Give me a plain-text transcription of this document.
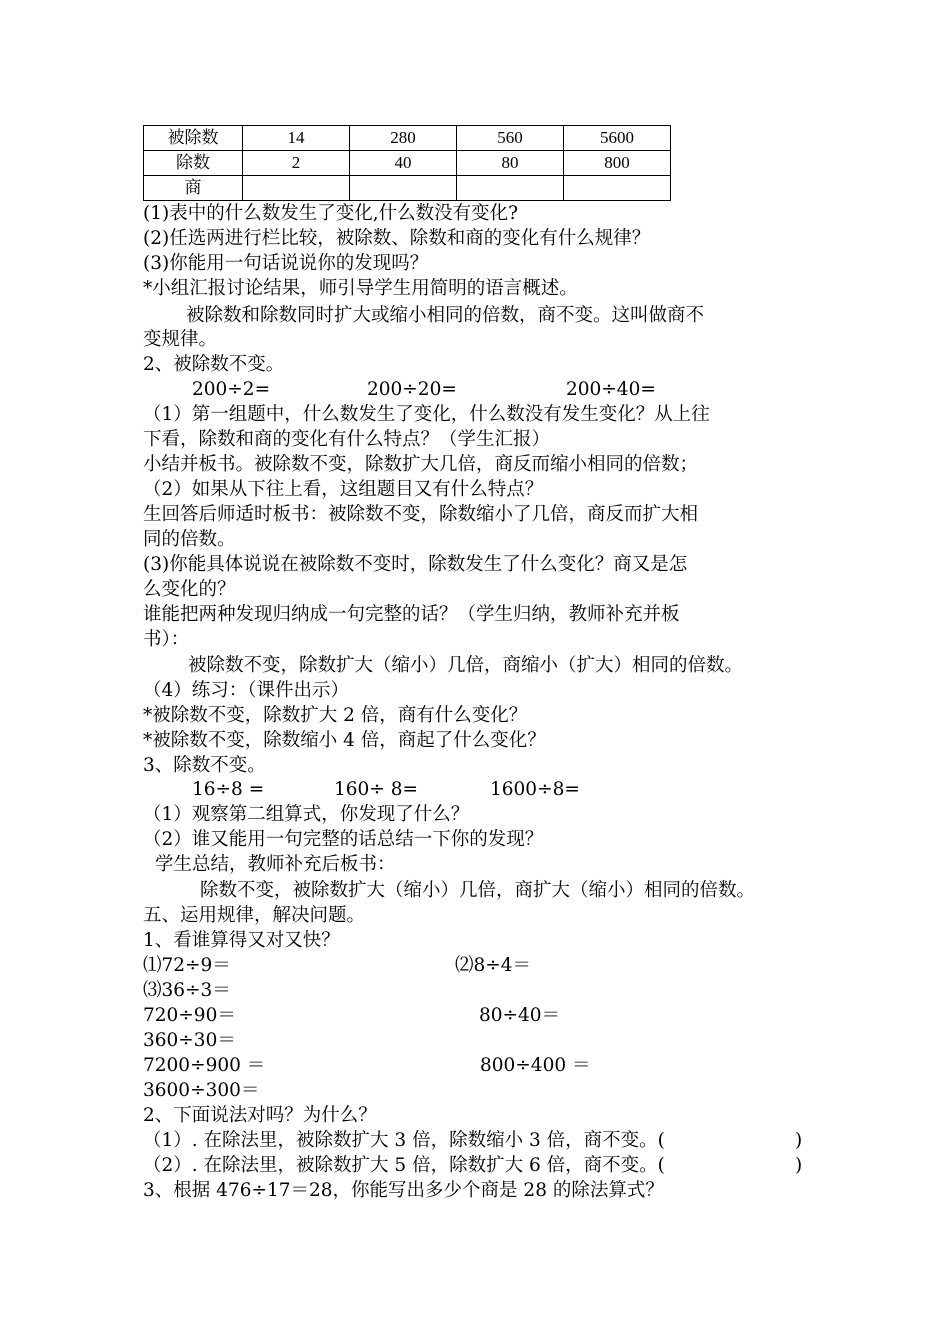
被除数	14	280	560	5600
除数	2	40	80	800
商				
(1)表中的什么数发生了变化,什么数没有变化?
(2)任选两进行栏比较，被除数、除数和商的变化有什么规律？
(3)你能用一句话说说你的发现吗？
*小组汇报讨论结果，师引导学生用简明的语言概述。
被除数和除数同时扩大或缩小相同的倍数，商不变。这叫做商不
变规律。
2、被除数不变。
200÷2=	200÷20=	200÷40=
（1）第一组题中，什么数发生了变化，什么数没有发生变化？从上往
下看，除数和商的变化有什么特点？（学生汇报）
小结并板书。被除数不变，除数扩大几倍，商反而缩小相同的倍数；
（2）如果从下往上看，这组题目又有什么特点？
生回答后师适时板书：被除数不变，除数缩小了几倍，商反而扩大相
同的倍数。
(3)你能具体说说在被除数不变时，除数发生了什么变化？商又是怎
么变化的？
谁能把两种发现归纳成一句完整的话？（学生归纳，教师补充并板
书）：
被除数不变，除数扩大（缩小）几倍，商缩小（扩大）相同的倍数。
（4）练习：（课件出示）
*被除数不变，除数扩大 2 倍，商有什么变化？
*被除数不变，除数缩小 4 倍，商起了什么变化？
3、除数不变。
16÷8 =	160÷ 8=	1600÷8=
（1）观察第二组算式，你发现了什么？
（2）谁又能用一句完整的话总结一下你的发现？
学生总结，教师补充后板书：
除数不变，被除数扩大（缩小）几倍，商扩大（缩小）相同的倍数。
五、运用规律，解决问题。
1、看谁算得又对又快？
⑴72÷9＝	⑵8÷4＝
⑶36÷3＝
720÷90＝	80÷40＝
360÷30＝
7200÷900 ＝	800÷400 ＝
3600÷300＝
2、下面说法对吗？为什么？
（1）. 在除法里，被除数扩大 3 倍，除数缩小 3 倍，商不变。(	)
（2）. 在除法里，被除数扩大 5 倍，除数扩大 6 倍，商不变。(	)
3、根据 476÷17＝28，你能写出多少个商是 28 的除法算式？
